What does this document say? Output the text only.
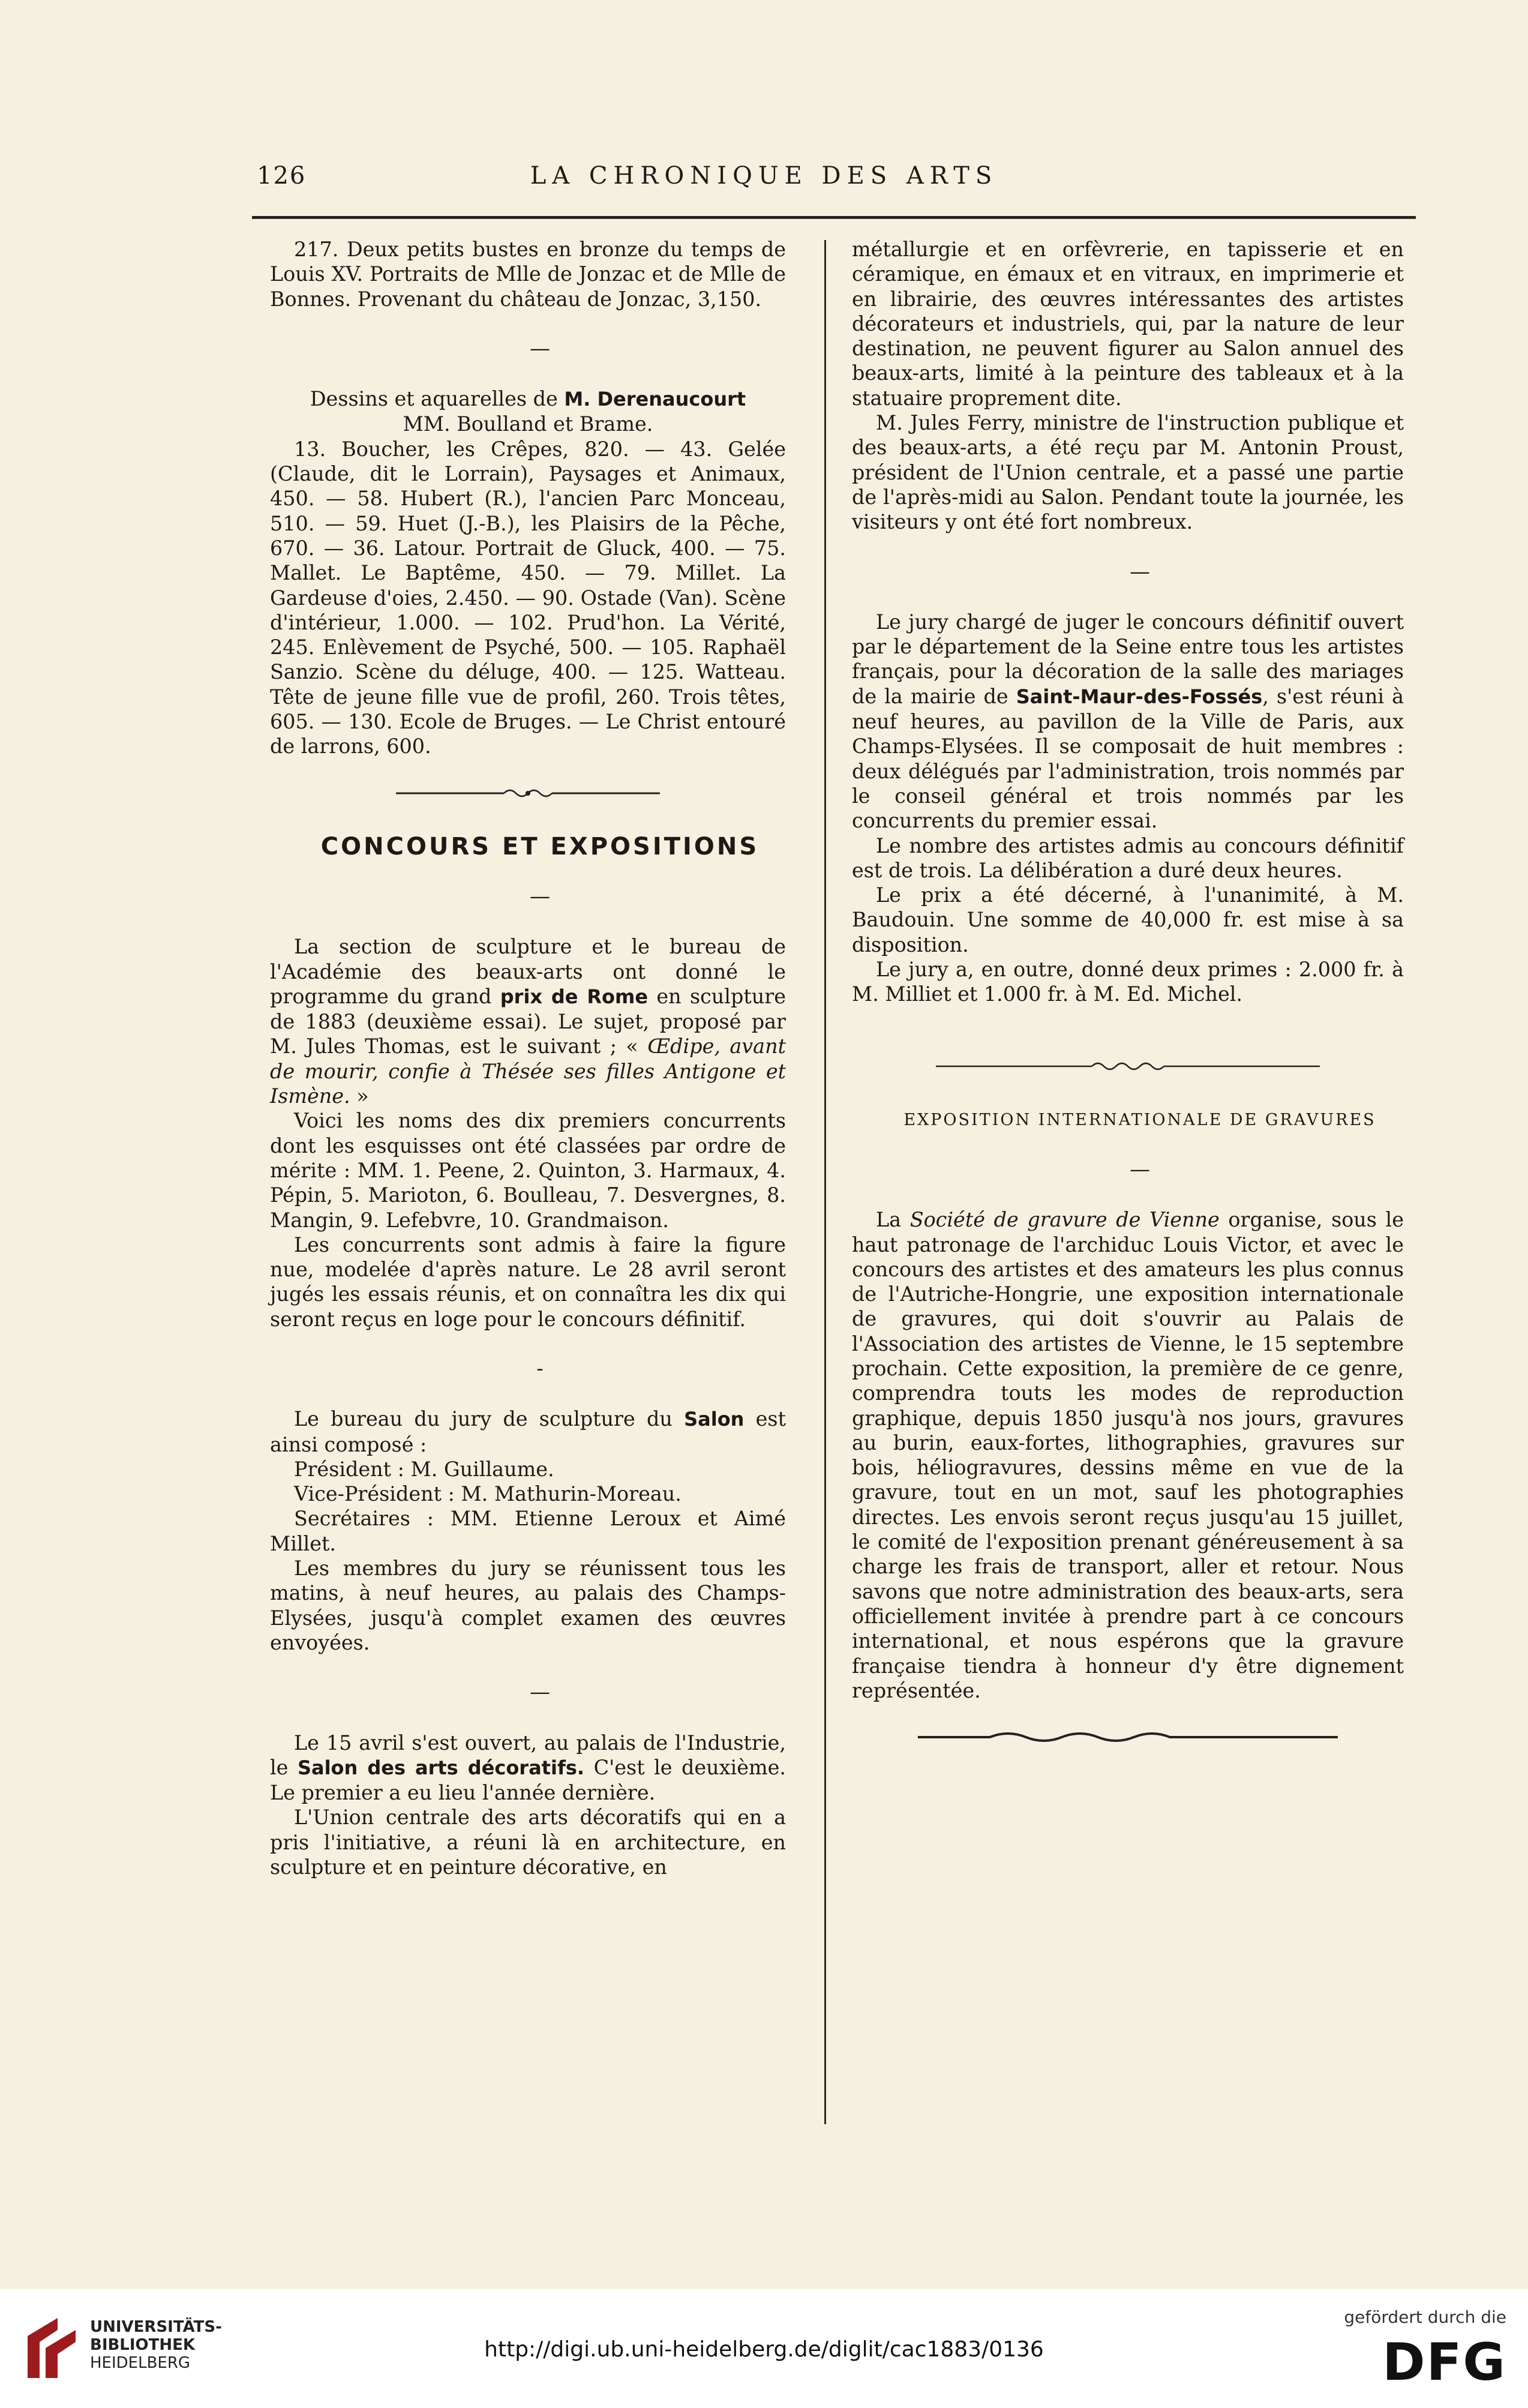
126	LA CHRONIQUE DES ARTS

217. Deux petits bustes en bronze du temps de Louis XV. Portraits de Mlle de Jonzac et de Mlle de Bonnes. Provenant du château de Jonzac, 3,150.

—

Dessins et aquarelles de M. Derenaucourt

MM. Boulland et Brame.

13. Boucher, les Crêpes, 820. — 43. Gelée (Claude, dit le Lorrain), Paysages et Animaux, 450. — 58. Hubert (R.), l'ancien Parc Monceau, 510. — 59. Huet (J.-B.), les Plaisirs de la Pêche, 670. — 36. Latour. Portrait de Gluck, 400. — 75. Mallet. Le Baptême, 450. — 79. Millet. La Gardeuse d'oies, 2.450. — 90. Ostade (Van). Scène d'intérieur, 1.000. — 102. Prud'hon. La Vérité, 245. Enlèvement de Psyché, 500. — 105. Raphaël Sanzio. Scène du déluge, 400. — 125. Watteau. Tête de jeune fille vue de profil, 260. Trois têtes, 605. — 130. Ecole de Bruges. — Le Christ entouré de larrons, 600.

CONCOURS ET EXPOSITIONS

—

La section de sculpture et le bureau de l'Académie des beaux-arts ont donné le programme du grand prix de Rome en sculpture de 1883 (deuxième essai). Le sujet, proposé par M. Jules Thomas, est le suivant ; « Œdipe, avant de mourir, confie à Thésée ses filles Antigone et Ismène. »

Voici les noms des dix premiers concurrents dont les esquisses ont été classées par ordre de mérite : MM. 1. Peene, 2. Quinton, 3. Harmaux, 4. Pépin, 5. Marioton, 6. Boulleau, 7. Desvergnes, 8. Mangin, 9. Lefebvre, 10. Grandmaison.

Les concurrents sont admis à faire la figure nue, modelée d'après nature. Le 28 avril seront jugés les essais réunis, et on connaîtra les dix qui seront reçus en loge pour le concours définitif.

-

Le bureau du jury de sculpture du Salon est ainsi composé :

Président : M. Guillaume.

Vice-Président : M. Mathurin-Moreau.

Secrétaires : MM. Etienne Leroux et Aimé Millet.

Les membres du jury se réunissent tous les matins, à neuf heures, au palais des Champs-Elysées, jusqu'à complet examen des œuvres envoyées.

—

Le 15 avril s'est ouvert, au palais de l'Industrie, le Salon des arts décoratifs. C'est le deuxième. Le premier a eu lieu l'année dernière.

L'Union centrale des arts décoratifs qui en a pris l'initiative, a réuni là en architecture, en sculpture et en peinture décorative, en

métallurgie et en orfèvrerie, en tapisserie et en céramique, en émaux et en vitraux, en imprimerie et en librairie, des œuvres intéressantes des artistes décorateurs et industriels, qui, par la nature de leur destination, ne peuvent figurer au Salon annuel des beaux-arts, limité à la peinture des tableaux et à la statuaire proprement dite.

M. Jules Ferry, ministre de l'instruction publique et des beaux-arts, a été reçu par M. Antonin Proust, président de l'Union centrale, et a passé une partie de l'après-midi au Salon. Pendant toute la journée, les visiteurs y ont été fort nombreux.

—

Le jury chargé de juger le concours définitif ouvert par le département de la Seine entre tous les artistes français, pour la décoration de la salle des mariages de la mairie de Saint-Maur-des-Fossés, s'est réuni à neuf heures, au pavillon de la Ville de Paris, aux Champs-Elysées. Il se composait de huit membres : deux délégués par l'administration, trois nommés par le conseil général et trois nommés par les concurrents du premier essai.

Le nombre des artistes admis au concours définitif est de trois. La délibération a duré deux heures.

Le prix a été décerné, à l'unanimité, à M. Baudouin. Une somme de 40,000 fr. est mise à sa disposition.

Le jury a, en outre, donné deux primes : 2.000 fr. à M. Milliet et 1.000 fr. à M. Ed. Michel.

EXPOSITION INTERNATIONALE DE GRAVURES

—

La Société de gravure de Vienne organise, sous le haut patronage de l'archiduc Louis Victor, et avec le concours des artistes et des amateurs les plus connus de l'Autriche-Hongrie, une exposition internationale de gravures, qui doit s'ouvrir au Palais de l'Association des artistes de Vienne, le 15 septembre prochain. Cette exposition, la première de ce genre, comprendra touts les modes de reproduction graphique, depuis 1850 jusqu'à nos jours, gravures au burin, eaux-fortes, lithographies, gravures sur bois, héliogravures, dessins même en vue de la gravure, tout en un mot, sauf les photographies directes. Les envois seront reçus jusqu'au 15 juillet, le comité de l'exposition prenant généreusement à sa charge les frais de transport, aller et retour. Nous savons que notre administration des beaux-arts, sera officiellement invitée à prendre part à ce concours international, et nous espérons que la gravure française tiendra à honneur d'y être dignement représentée.

UNIVERSITÄTS-
BIBLIOTHEK
HEIDELBERG
http://digi.ub.uni-heidelberg.de/diglit/cac1883/0136
gefördert durch die
DFG
